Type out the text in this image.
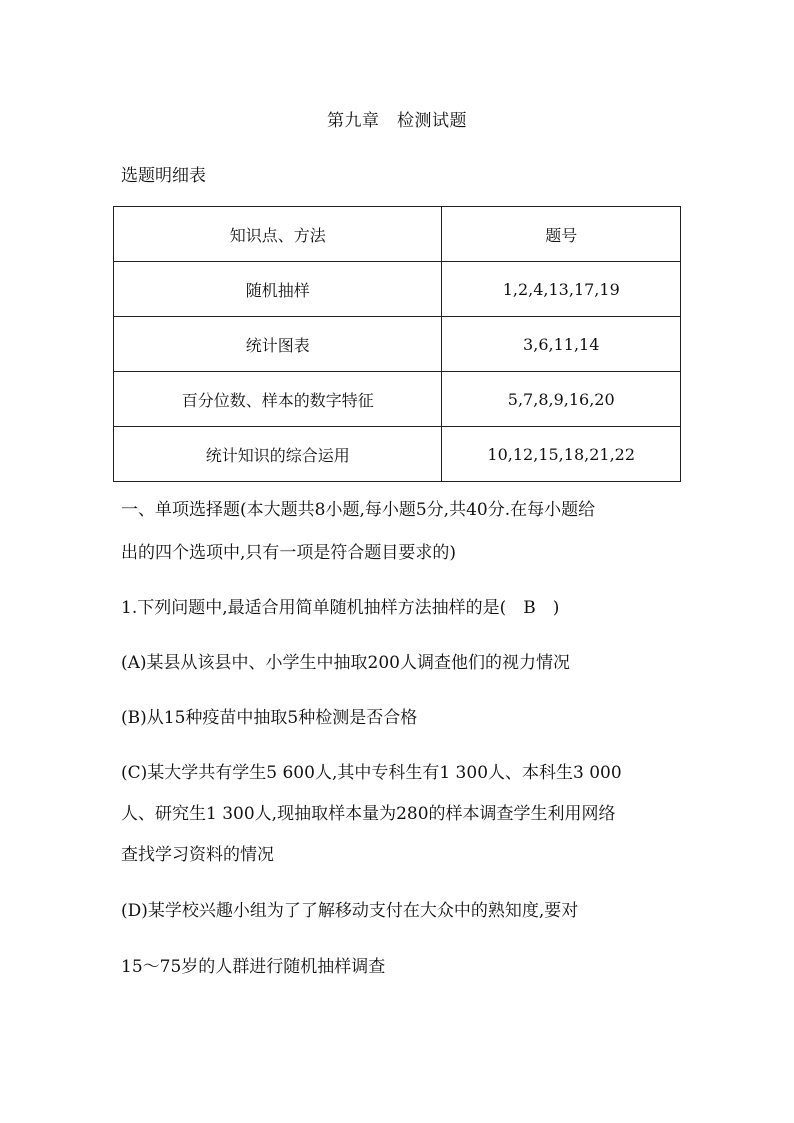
第九章　检测试题
选题明细表
知识点、方法	题号
随机抽样	1,2,4,13,17,19
统计图表	3,6,11,14
百分位数、样本的数字特征	5,7,8,9,16,20
统计知识的综合运用	10,12,15,18,21,22
一、单项选择题(本大题共8小题,每小题5分,共40分.在每小题给
出的四个选项中,只有一项是符合题目要求的)
1.下列问题中,最适合用简单随机抽样方法抽样的是(　B　)
(A)某县从该县中、小学生中抽取200人调查他们的视力情况
(B)从15种疫苗中抽取5种检测是否合格
(C)某大学共有学生5 600人,其中专科生有1 300人、本科生3 000
人、研究生1 300人,现抽取样本量为280的样本调查学生利用网络
查找学习资料的情况
(D)某学校兴趣小组为了了解移动支付在大众中的熟知度,要对
15～75岁的人群进行随机抽样调查
